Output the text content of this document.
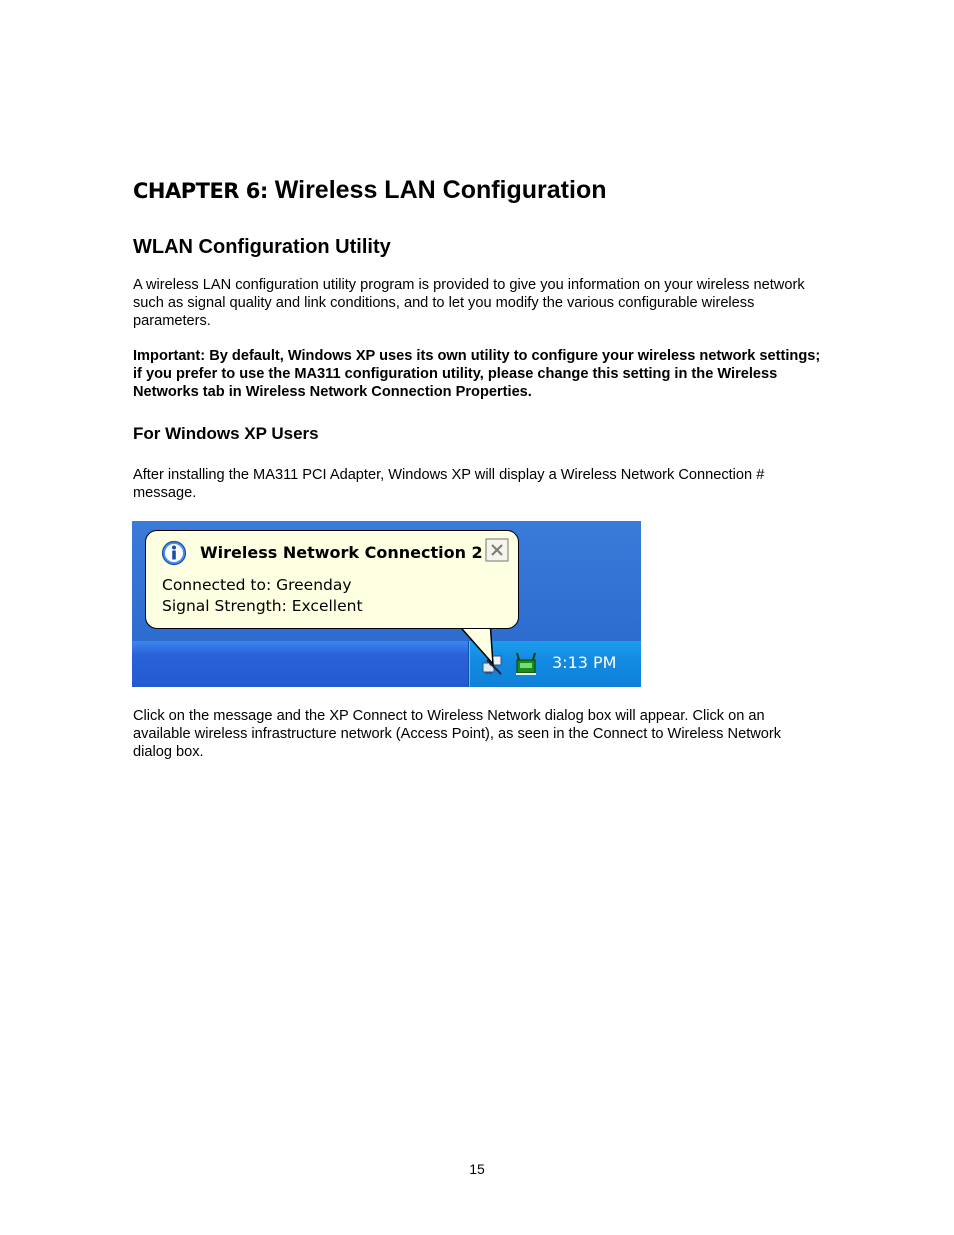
CHAPTER 6: Wireless LAN Configuration
WLAN Configuration Utility

A wireless LAN configuration utility program is provided to give you information on your wireless network such as signal quality and link conditions, and to let you modify the various configurable wireless parameters.

Important: By default, Windows XP uses its own utility to configure your wireless network settings; if you prefer to use the MA311 configuration utility, please change this setting in the Wireless Networks tab in Wireless Network Connection Properties.

For Windows XP Users

After installing the MA311 PCI Adapter, Windows XP will display a Wireless Network Connection # message.

3:13 PM
Wireless Network Connection 2
Connected to: Greenday
Signal Strength: Excellent

Click on the message and the XP Connect to Wireless Network dialog box will appear. Click on an available wireless infrastructure network (Access Point), as seen in the Connect to Wireless Network dialog box.

15
